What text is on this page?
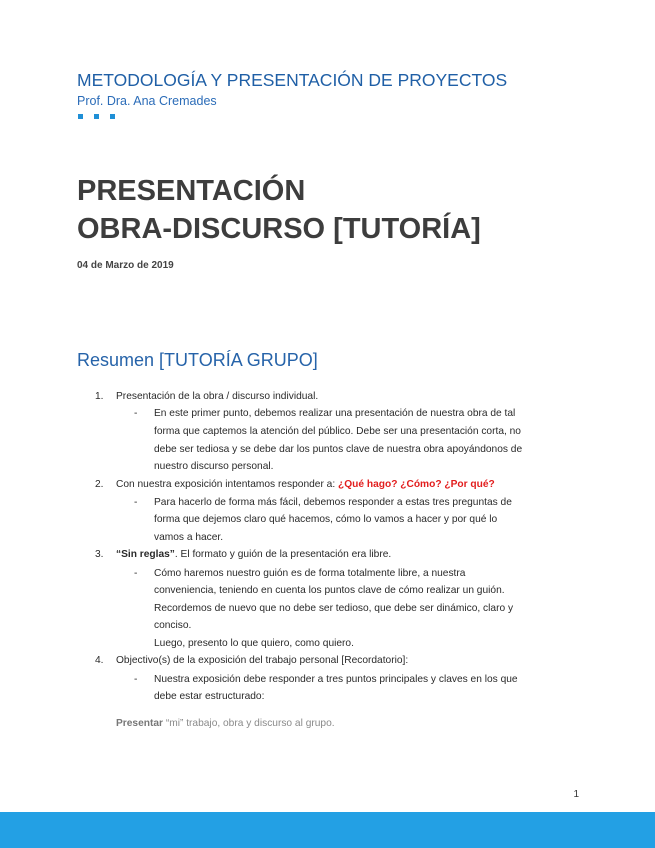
METODOLOGÍA Y PRESENTACIÓN DE PROYECTOS
Prof. Dra. Ana Cremades
PRESENTACIÓN
OBRA-DISCURSO [TUTORÍA]
04 de Marzo de 2019
Resumen [TUTORÍA GRUPO]
1. Presentación de la obra / discurso individual.
- En este primer punto, debemos realizar una presentación de nuestra obra de tal
forma que captemos la atención del público. Debe ser una presentación corta, no
debe ser tediosa y se debe dar los puntos clave de nuestra obra apoyándonos de
nuestro discurso personal.
2. Con nuestra exposición intentamos responder a: ¿Qué hago? ¿Cómo? ¿Por qué?
- Para hacerlo de forma más fácil, debemos responder a estas tres preguntas de
forma que dejemos claro qué hacemos, cómo lo vamos a hacer y por qué lo
vamos a hacer.
3. “Sin reglas”. El formato y guión de la presentación era libre.
- Cómo haremos nuestro guión es de forma totalmente libre, a nuestra
conveniencia, teniendo en cuenta los puntos clave de cómo realizar un guión.
Recordemos de nuevo que no debe ser tedioso, que debe ser dinámico, claro y
conciso.
Luego, presento lo que quiero, como quiero.
4. Objectivo(s) de la exposición del trabajo personal [Recordatorio]:
- Nuestra exposición debe responder a tres puntos principales y claves en los que
debe estar estructurado:
Presentar “mi” trabajo, obra y discurso al grupo.
1
